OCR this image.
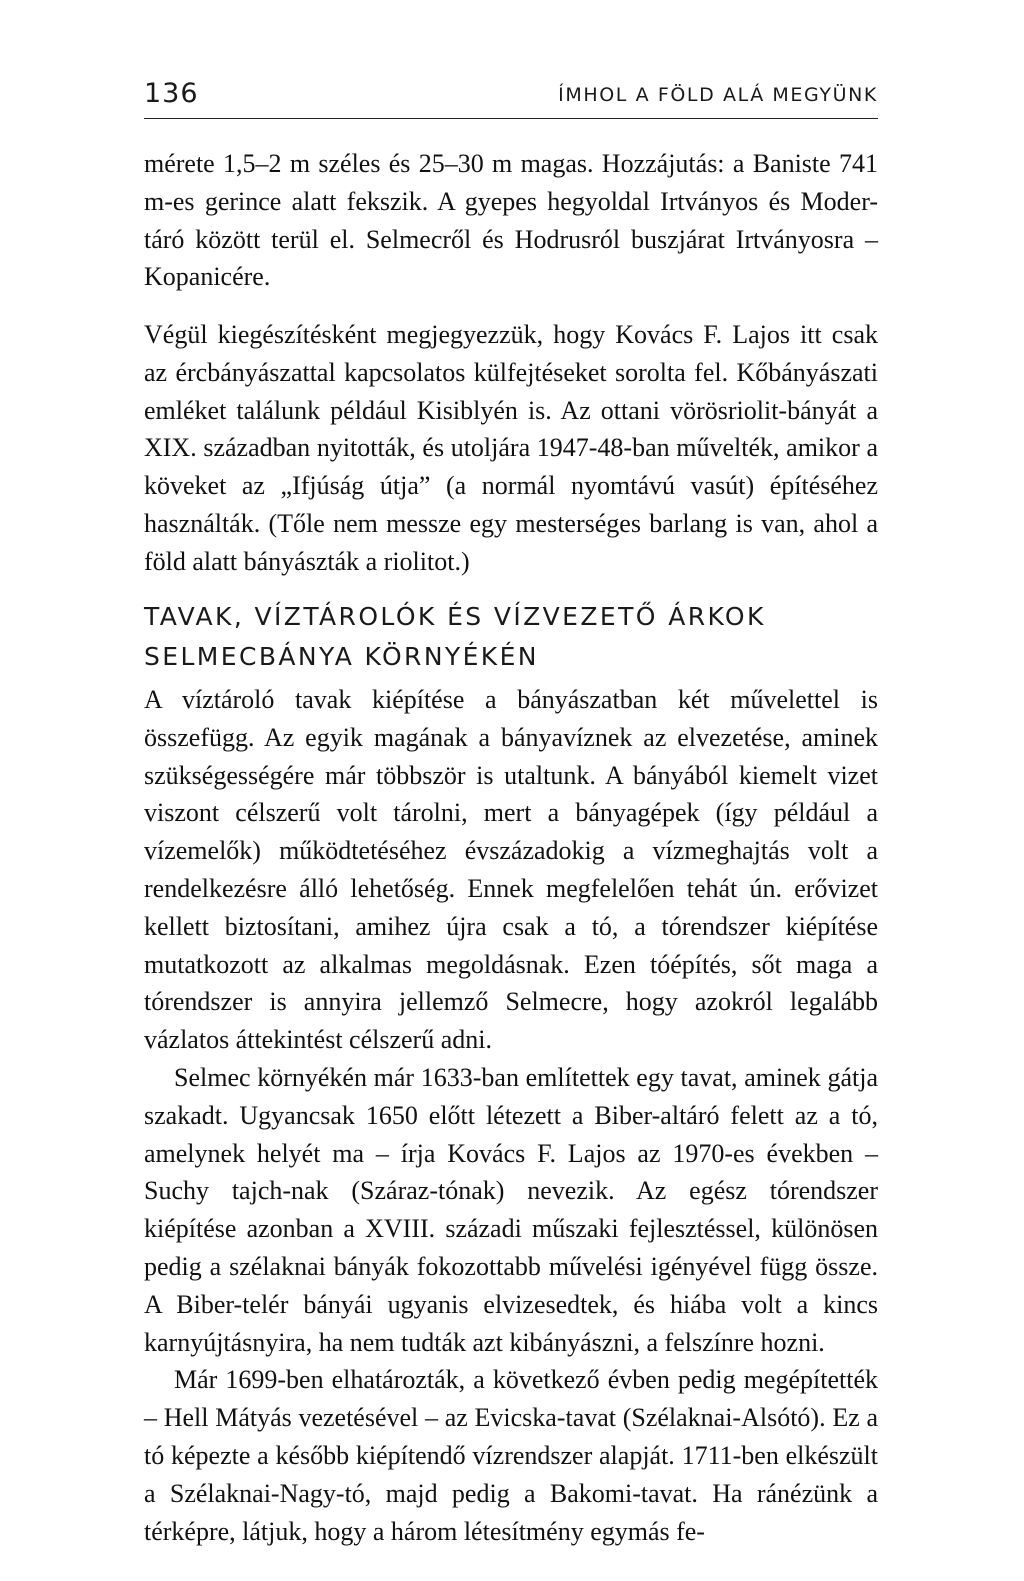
136	ÍMHOL A FÖLD ALÁ MEGYÜNK

mérete 1,5–2 m széles és 25–30 m magas. Hozzájutás: a Baniste 741 m-es gerince alatt fekszik. A gyepes hegyoldal Irtványos és Moder-táró között terül el. Selmecről és Hodrusról buszjárat Irtványosra – Kopanicére.

Végül kiegészítésként megjegyezzük, hogy Kovács F. Lajos itt csak az ércbányászattal kapcsolatos külfejtéseket sorolta fel. Kőbányászati emléket találunk például Kisiblyén is. Az ottani vörösriolit-bányát a XIX. században nyitották, és utoljára 1947-48-ban művelték, amikor a köveket az „Ifjúság útja” (a normál nyomtávú vasút) építéséhez használták. (Tőle nem messze egy mesterséges barlang is van, ahol a föld alatt bányászták a riolitot.)

TAVAK, VÍZTÁROLÓK ÉS VÍZVEZETŐ ÁRKOK
SELMECBÁNYA KÖRNYÉKÉN

A víztároló tavak kiépítése a bányászatban két művelettel is összefügg. Az egyik magának a bányavíznek az elvezetése, aminek szükségességére már többször is utaltunk. A bányából kiemelt vizet viszont célszerű volt tárolni, mert a bányagépek (így például a vízemelők) működtetéséhez évszázadokig a vízmeghajtás volt a rendelkezésre álló lehetőség. Ennek megfelelően tehát ún. erővizet kellett biztosítani, amihez újra csak a tó, a tórendszer kiépítése mutatkozott az alkalmas megoldásnak. Ezen tóépítés, sőt maga a tórendszer is annyira jellemző Selmecre, hogy azokról legalább vázlatos áttekintést célszerű adni.

Selmec környékén már 1633-ban említettek egy tavat, aminek gátja szakadt. Ugyancsak 1650 előtt létezett a Biber-altáró felett az a tó, amelynek helyét ma – írja Kovács F. Lajos az 1970-es években – Suchy tajch-nak (Száraz-tónak) nevezik. Az egész tórendszer kiépítése azonban a XVIII. századi műszaki fejlesztéssel, különösen pedig a szélaknai bányák fokozottabb művelési igényével függ össze. A Biber-telér bányái ugyanis elvizesedtek, és hiába volt a kincs karnyújtásnyira, ha nem tudták azt kibányászni, a felszínre hozni.

Már 1699-ben elhatározták, a következő évben pedig megépítették – Hell Mátyás vezetésével – az Evicska-tavat (Szélaknai-Alsótó). Ez a tó képezte a később kiépítendő vízrendszer alapját. 1711-ben elkészült a Szélaknai-Nagy-tó, majd pedig a Bakomi-tavat. Ha ránézünk a térképre, látjuk, hogy a három létesítmény egymás fe-
